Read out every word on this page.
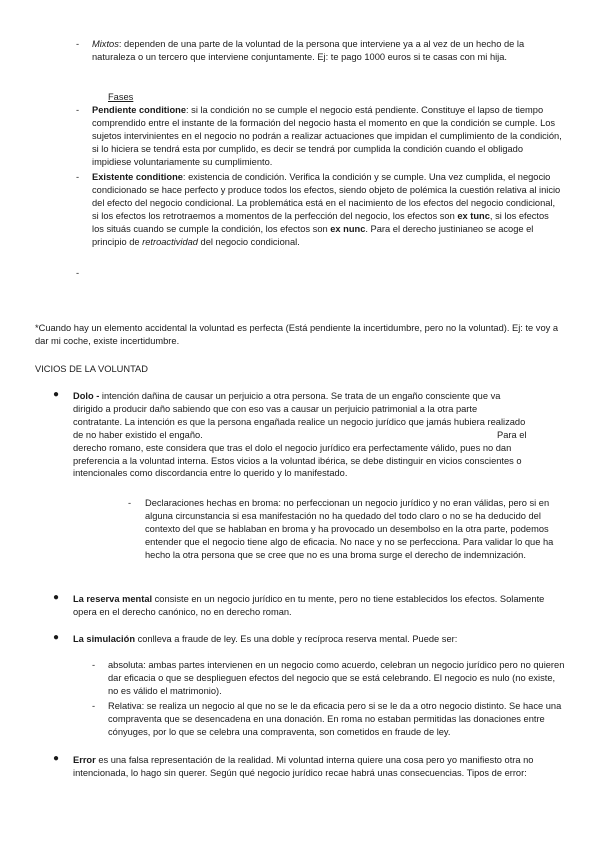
- Mixtos: dependen de una parte de la voluntad de la persona que interviene ya a al vez de un hecho de la naturaleza o un tercero que interviene conjuntamente. Ej: te pago 1000 euros si te casas con mi hija.
Fases
- Pendiente conditione: si la condición no se cumple el negocio está pendiente. Constituye el lapso de tiempo comprendido entre el instante de la formación del negocio hasta el momento en que la condición se cumple. Los sujetos intervinientes en el negocio no podrán a realizar actuaciones que impidan el cumplimiento de la condición, si lo hiciera se tendrá esta por cumplido, es decir se tendrá por cumplida la condición cuando el obligado impidiese voluntariamente su cumplimiento.
- Existente conditione: existencia de condición. Verifica la condición y se cumple. Una vez cumplida, el negocio condicionado se hace perfecto y produce todos los efectos, siendo objeto de polémica la cuestión relativa al inicio del efecto del negocio condicional. La problemática está en el nacimiento de los efectos del negocio condicional, si los efectos los retrotraemos a momentos de la perfección del negocio, los efectos son ex tunc, si los efectos los situás cuando se cumple la condición, los efectos son ex nunc. Para el derecho justinianeo se acoge el principio de retroactividad del negocio condicional.
-
*Cuando hay un elemento accidental la voluntad es perfecta (Está pendiente la incertidumbre, pero no la voluntad). Ej: te voy a dar mi coche, existe incertidumbre.
VICIOS DE LA VOLUNTAD
● Dolo - intención dañina de causar un perjuicio a otra persona. Se trata de un engaño consciente que va
dirigido a producir daño sabiendo que con eso vas a causar un perjuicio patrimonial a la otra parte
contratante. La intención es que la persona engañada realice un negocio jurídico que jamás hubiera realizado
de no haber existido el engaño.	Para el
derecho romano, este considera que tras el dolo el negocio jurídico era perfectamente válido, pues no dan
preferencia a la voluntad interna. Estos vicios a la voluntad ibérica, se debe distinguir en vicios conscientes o
intencionales como discordancia entre lo querido y lo manifestado.
- Declaraciones hechas en broma: no perfeccionan un negocio jurídico y no eran válidas, pero si en alguna circunstancia si esa manifestación no ha quedado del todo claro o no se ha deducido del contexto del que se hablaban en broma y ha provocado un desembolso en la otra parte, podemos entender que el negocio tiene algo de eficacia. No nace y no se perfecciona. Para validar lo que ha hecho la otra persona que se cree que no es una broma surge el derecho de indemnización.
● La reserva mental consiste en un negocio jurídico en tu mente, pero no tiene establecidos los efectos. Solamente opera en el derecho canónico, no en derecho roman.
● La simulación conlleva a fraude de ley. Es una doble y recíproca reserva mental. Puede ser:
- absoluta: ambas partes intervienen en un negocio como acuerdo, celebran un negocio jurídico pero no quieren dar eficacia o que se desplieguen efectos del negocio que se está celebrando. El negocio es nulo (no existe, no es válido el matrimonio).
- Relativa: se realiza un negocio al que no se le da eficacia pero si se le da a otro negocio distinto. Se hace una compraventa que se desencadena en una donación. En roma no estaban permitidas las donaciones entre cónyuges, por lo que se celebra una compraventa, son cometidos en fraude de ley.
● Error es una falsa representación de la realidad. Mi voluntad interna quiere una cosa pero yo manifiesto otra no intencionada, lo hago sin querer. Según qué negocio jurídico recae habrá unas consecuencias. Tipos de error:
